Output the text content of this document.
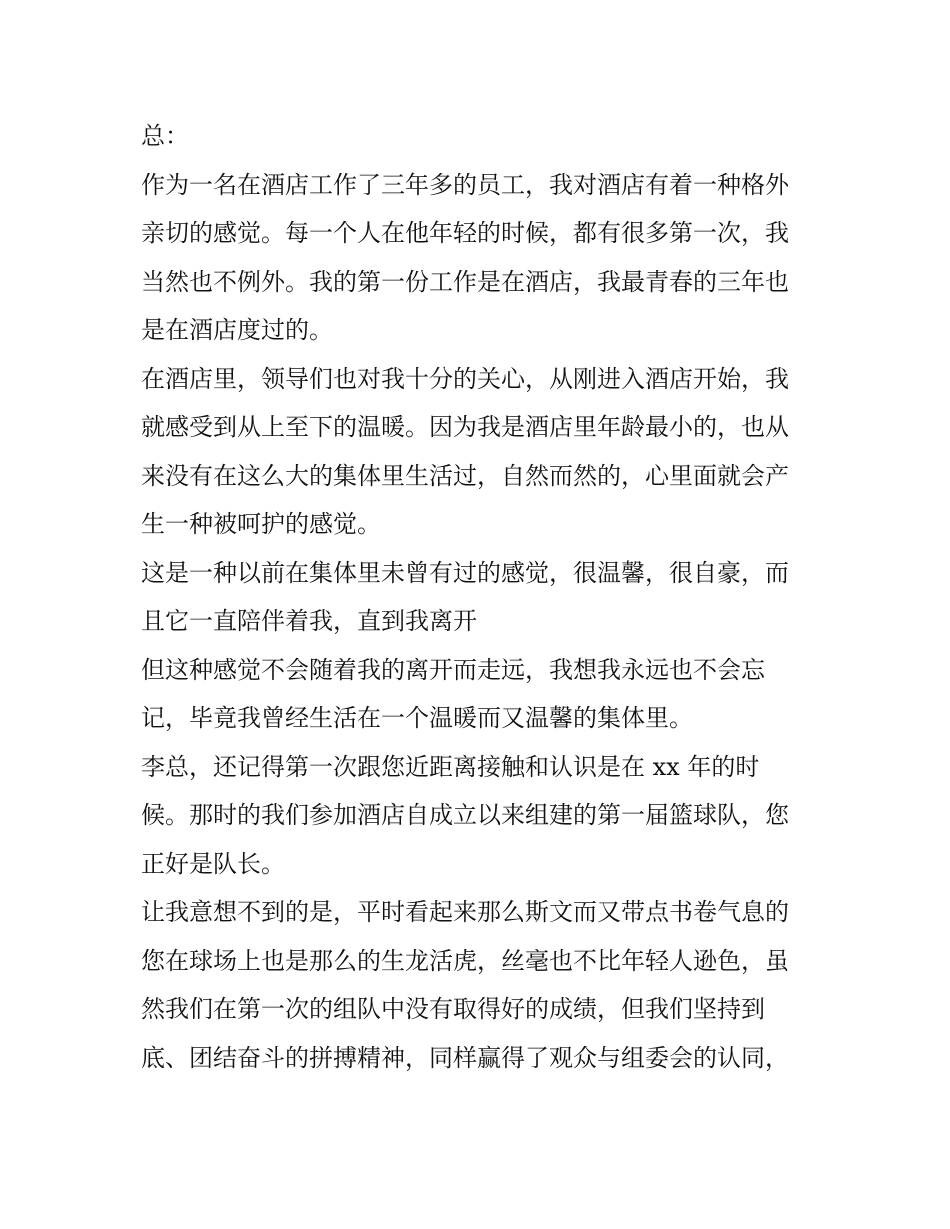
总：
作为一名在酒店工作了三年多的员工，我对酒店有着一种格外
亲切的感觉。每一个人在他年轻的时候，都有很多第一次，我
当然也不例外。我的第一份工作是在酒店，我最青春的三年也
是在酒店度过的。
在酒店里，领导们也对我十分的关心，从刚进入酒店开始，我
就感受到从上至下的温暖。因为我是酒店里年龄最小的，也从
来没有在这么大的集体里生活过，自然而然的，心里面就会产
生一种被呵护的感觉。
这是一种以前在集体里未曾有过的感觉，很温馨，很自豪，而
且它一直陪伴着我，直到我离开
但这种感觉不会随着我的离开而走远，我想我永远也不会忘
记，毕竟我曾经生活在一个温暖而又温馨的集体里。
李总，还记得第一次跟您近距离接触和认识是在 xx 年的时
候。那时的我们参加酒店自成立以来组建的第一届篮球队，您
正好是队长。
让我意想不到的是，平时看起来那么斯文而又带点书卷气息的
您在球场上也是那么的生龙活虎，丝毫也不比年轻人逊色，虽
然我们在第一次的组队中没有取得好的成绩，但我们坚持到
底、团结奋斗的拼搏精神，同样赢得了观众与组委会的认同，
